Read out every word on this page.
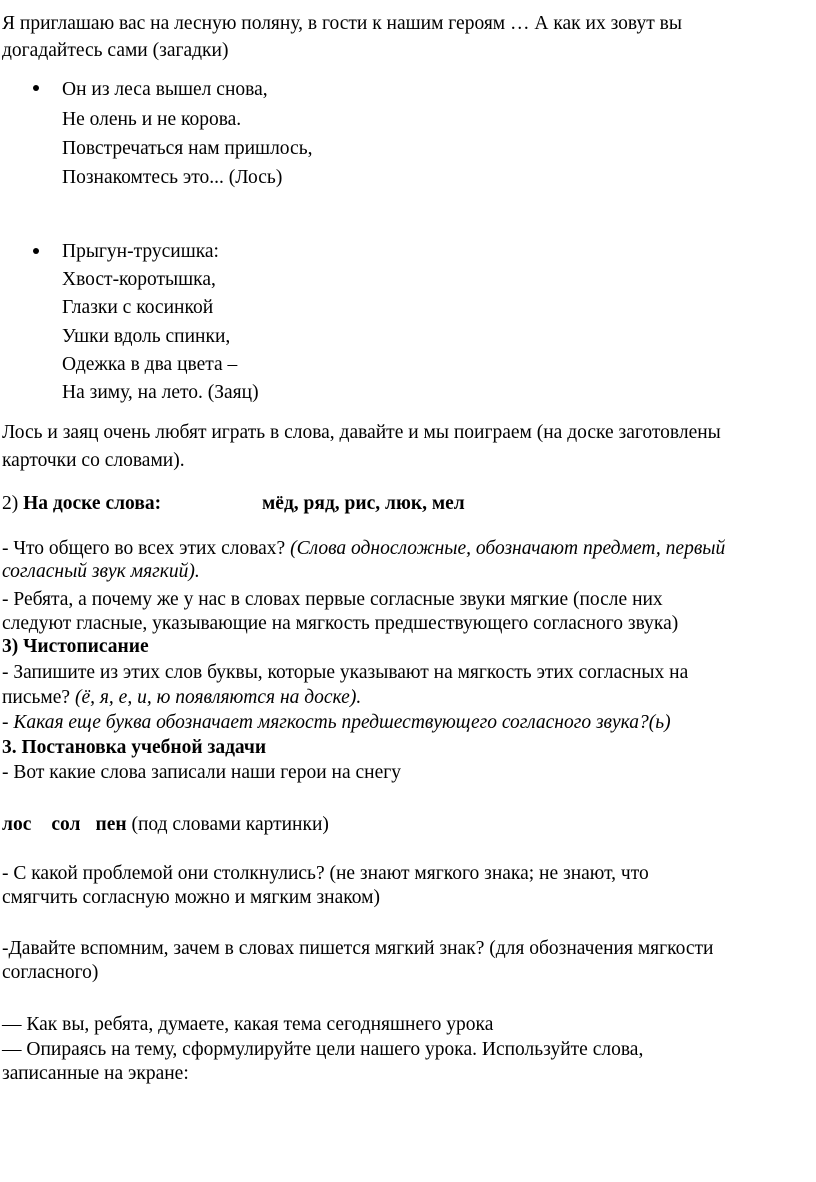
Я приглашаю вас на лесную поляну, в гости к нашим героям … А как их зовут вы
догадайтесь сами (загадки)
Он из леса вышел снова,
Не олень и не корова.
Повстречаться нам пришлось,
Познакомтесь это... (Лось)
Прыгун-трусишка:
Хвост-коротышка,
Глазки с косинкой
Ушки вдоль спинки,
Одежка в два цвета –
На зиму, на лето. (Заяц)
Лось и заяц очень любят играть в слова, давайте и мы поиграем (на доске заготовлены
карточки со словами).
2) На доске слова:	мёд, ряд, рис, люк, мел
- Что общего во всех этих словах? (Слова односложные, обозначают предмет, первый
согласный звук мягкий).
- Ребята, а почему же у нас в словах первые согласные звуки мягкие (после них
следуют гласные, указывающие на мягкость предшествующего согласного звука)
3) Чистописание
- Запишите из этих слов буквы, которые указывают на мягкость этих согласных на
письме? (ё, я, е, и, ю появляются на доске).
- Какая еще буква обозначает мягкость предшествующего согласного звука?(ь)
3. Постановка учебной задачи
- Вот какие слова записали наши герои на снегу
лос сол пен (под словами картинки)
- С какой проблемой они столкнулись? (не знают мягкого знака; не знают, что
смягчить согласную можно и мягким знаком)
-Давайте вспомним, зачем в словах пишется мягкий знак? (для обозначения мягкости
согласного)
— Как вы, ребята, думаете, какая тема сегодняшнего урока
— Опираясь на тему, сформулируйте цели нашего урока. Используйте слова,
записанные на экране:
